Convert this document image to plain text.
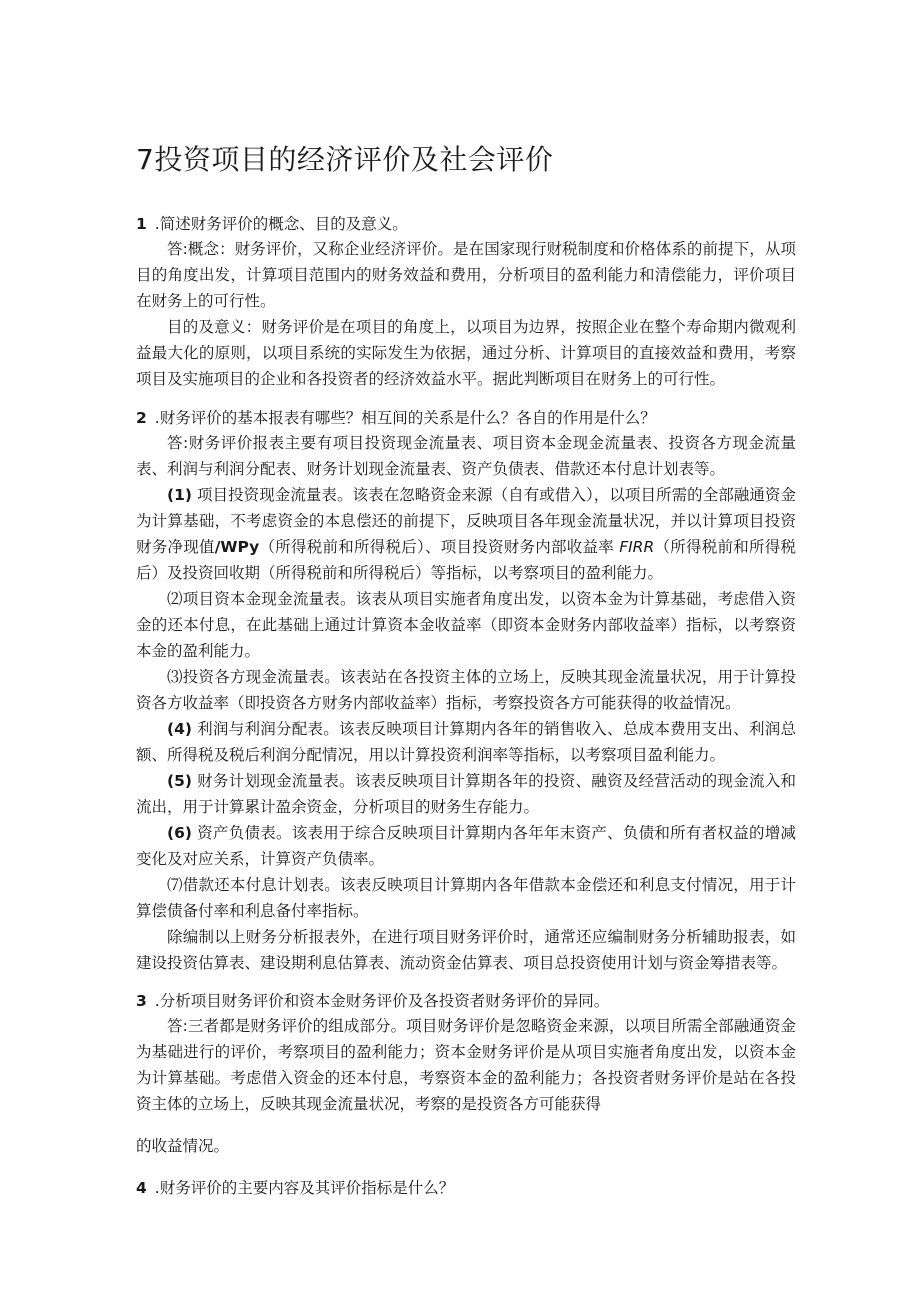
7投资项目的经济评价及社会评价
1 .简述财务评价的概念、目的及意义。

答:概念：财务评价，又称企业经济评价。是在国家现行财税制度和价格体系的前提下，从项目的角度出发，计算项目范围内的财务效益和费用，分析项目的盈利能力和清偿能力，评价项目在财务上的可行性。

目的及意义：财务评价是在项目的角度上，以项目为边界，按照企业在整个寿命期内微观利益最大化的原则，以项目系统的实际发生为依据，通过分析、计算项目的直接效益和费用，考察项目及实施项目的企业和各投资者的经济效益水平。据此判断项目在财务上的可行性。

2 .财务评价的基本报表有哪些？相互间的关系是什么？各自的作用是什么？

答:财务评价报表主要有项目投资现金流量表、项目资本金现金流量表、投资各方现金流量表、利润与利润分配表、财务计划现金流量表、资产负债表、借款还本付息计划表等。

(1) 项目投资现金流量表。该表在忽略资金来源（自有或借入），以项目所需的全部融通资金为计算基础，不考虑资金的本息偿还的前提下，反映项目各年现金流量状况，并以计算项目投资财务净现值/WPy（所得税前和所得税后）、项目投资财务内部收益率 FIRR（所得税前和所得税后）及投资回收期（所得税前和所得税后）等指标，以考察项目的盈利能力。

⑵项目资本金现金流量表。该表从项目实施者角度出发，以资本金为计算基础，考虑借入资金的还本付息，在此基础上通过计算资本金收益率（即资本金财务内部收益率）指标，以考察资本金的盈利能力。

⑶投资各方现金流量表。该表站在各投资主体的立场上，反映其现金流量状况，用于计算投资各方收益率（即投资各方财务内部收益率）指标，考察投资各方可能获得的收益情况。

(4) 利润与利润分配表。该表反映项目计算期内各年的销售收入、总成本费用支出、利润总额、所得税及税后利润分配情况，用以计算投资利润率等指标，以考察项目盈利能力。

(5) 财务计划现金流量表。该表反映项目计算期各年的投资、融资及经营活动的现金流入和流出，用于计算累计盈余资金，分析项目的财务生存能力。

(6) 资产负债表。该表用于综合反映项目计算期内各年年末资产、负债和所有者权益的增减变化及对应关系，计算资产负债率。

⑺借款还本付息计划表。该表反映项目计算期内各年借款本金偿还和利息支付情况，用于计算偿债备付率和利息备付率指标。

除编制以上财务分析报表外，在进行项目财务评价时，通常还应编制财务分析辅助报表，如建设投资估算表、建设期利息估算表、流动资金估算表、项目总投资使用计划与资金筹措表等。

3 .分析项目财务评价和资本金财务评价及各投资者财务评价的异同。

答:三者都是财务评价的组成部分。项目财务评价是忽略资金来源，以项目所需全部融通资金为基础进行的评价，考察项目的盈利能力；资本金财务评价是从项目实施者角度出发，以资本金为计算基础。考虑借入资金的还本付息，考察资本金的盈利能力；各投资者财务评价是站在各投资主体的立场上，反映其现金流量状况，考察的是投资各方可能获得

的收益情况。

4 .财务评价的主要内容及其评价指标是什么？
